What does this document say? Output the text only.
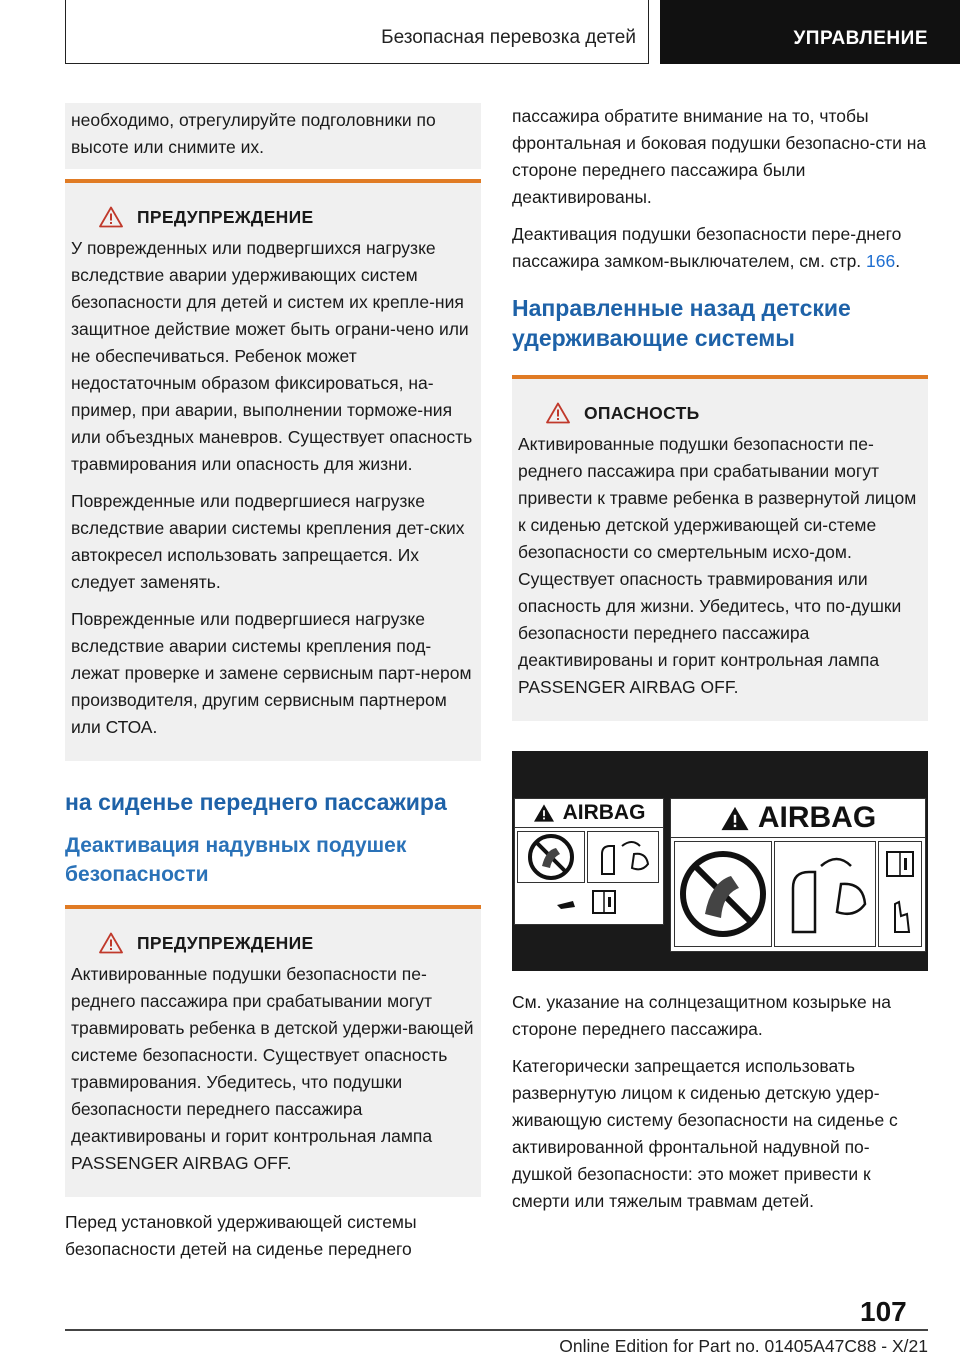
Безопасная перевозка детей	УПРАВЛЕНИЕ

необходимо, отрегулируйте подголовники по высоте или снимите их.

ПРЕДУПРЕЖДЕНИЕ

У поврежденных или подвергшихся нагрузке вследствие аварии удерживающих систем безопасности для детей и систем их крепле-ния защитное действие может быть ограни-чено или не обеспечиваться. Ребенок может недостаточным образом фиксироваться, на-пример, при аварии, выполнении торможе-ния или объездных маневров. Существует опасность травмирования или опасность для жизни.

Поврежденные или подвергшиеся нагрузке вследствие аварии системы крепления дет-ских автокресел использовать запрещается. Их следует заменять.

Поврежденные или подвергшиеся нагрузке вследствие аварии системы крепления под-лежат проверке и замене сервисным парт-нером производителя, другим сервисным партнером или СТОА.

на сиденье переднего пассажира
Деактивация надувных подушек безопасности
ПРЕДУПРЕЖДЕНИЕ

Активированные подушки безопасности пе-реднего пассажира при срабатывании могут травмировать ребенка в детской удержи-вающей системе безопасности. Существует опасность травмирования. Убедитесь, что подушки безопасности переднего пассажира деактивированы и горит контрольная лампа PASSENGER AIRBAG OFF.

Перед установкой удерживающей системы безопасности детей на сиденье переднего

пассажира обратите внимание на то, чтобы фронтальная и боковая подушки безопасно-сти на стороне переднего пассажира были деактивированы.

Деактивация подушки безопасности пере-днего пассажира замком-выключателем, см. стр. 166.

Направленные назад детские удерживающие системы
ОПАСНОСТЬ

Активированные подушки безопасности пе-реднего пассажира при срабатывании могут привести к травме ребенка в развернутой лицом к сиденью детской удерживающей си-стеме безопасности со смертельным исхо-дом. Существует опасность травмирования или опасность для жизни. Убедитесь, что по-душки безопасности переднего пассажира деактивированы и горит контрольная лампа PASSENGER AIRBAG OFF.

AIRBAG	AIRBAG

См. указание на солнцезащитном козырьке на стороне переднего пассажира.

Категорически запрещается использовать развернутую лицом к сиденью детскую удер-живающую систему безопасности на сиденье с активированной фронтальной надувной по-душкой безопасности: это может привести к смерти или тяжелым травмам детей.

107
Online Edition for Part no. 01405A47C88 - X/21
